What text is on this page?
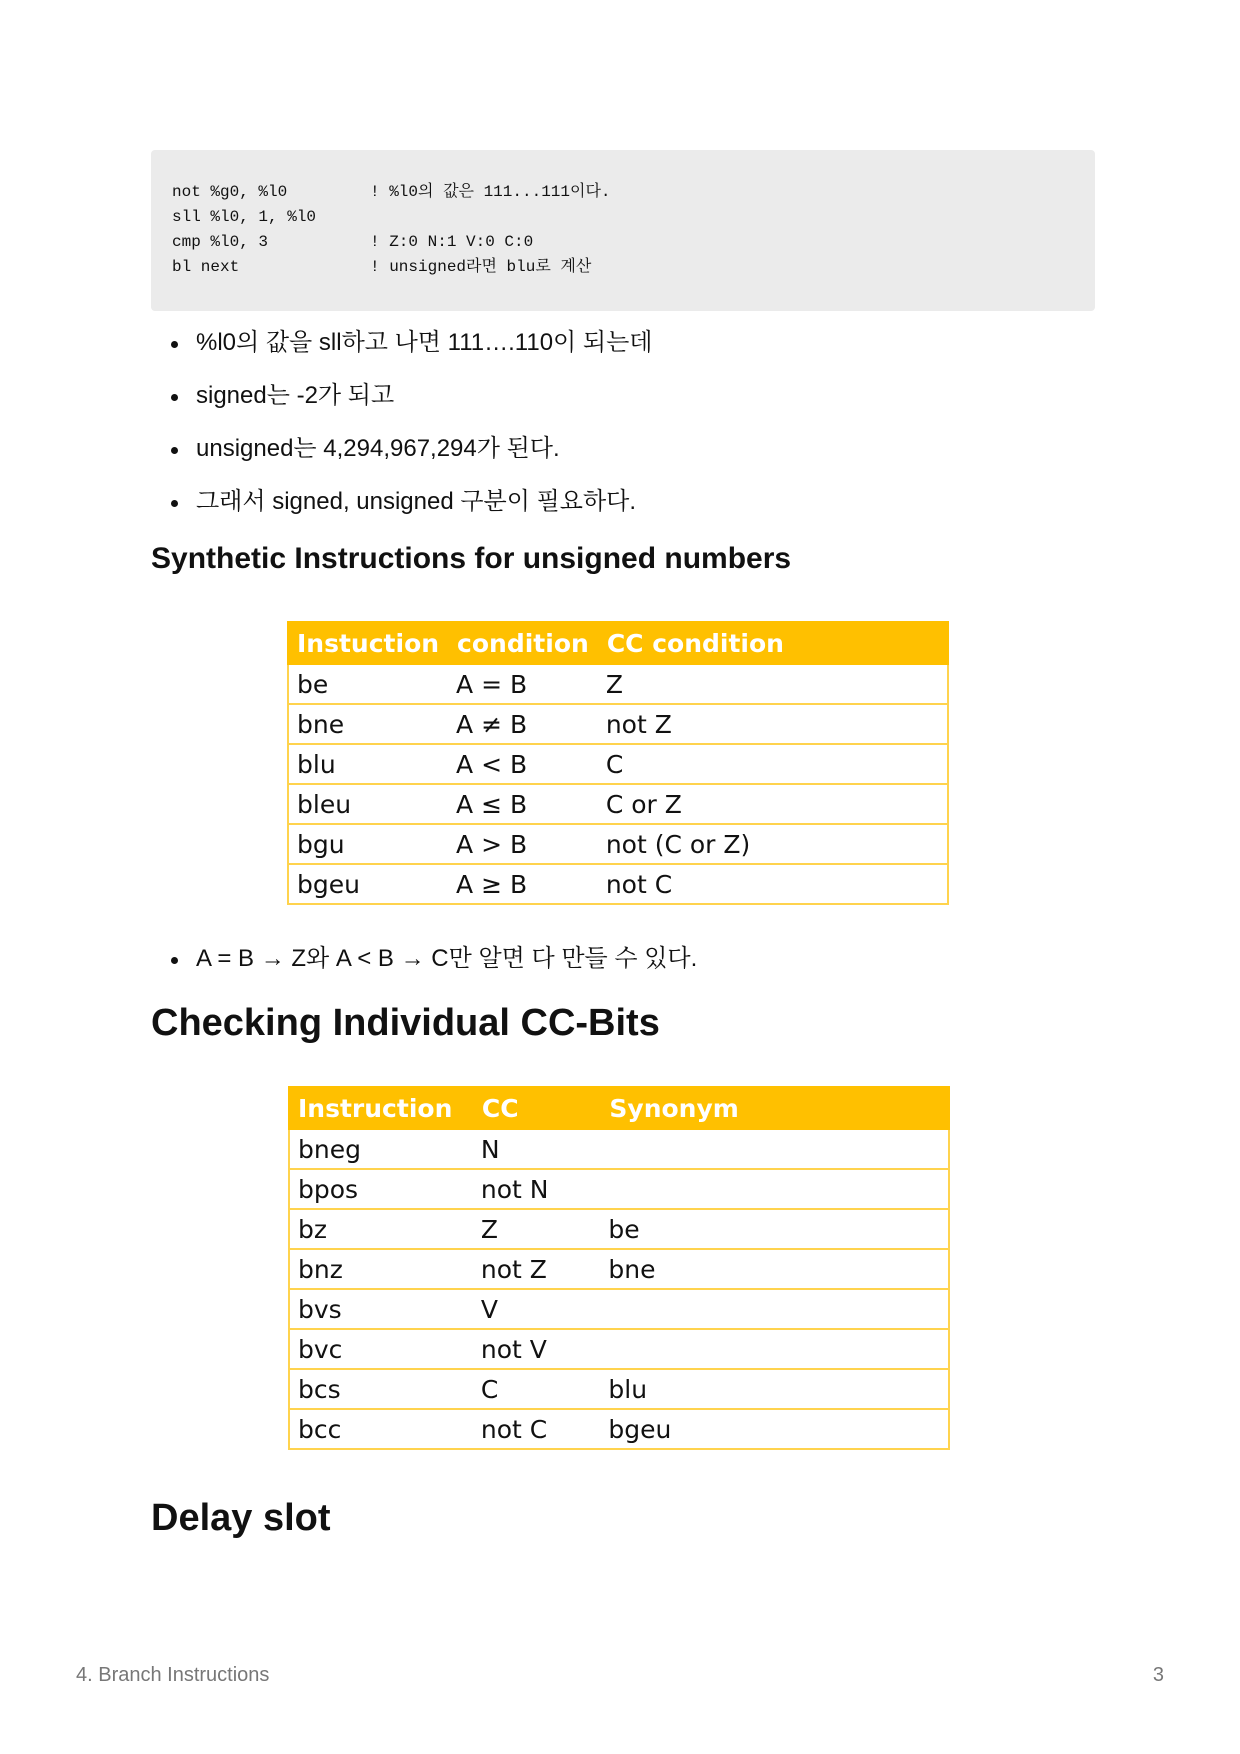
not %g0, %l0	! %l0의 값은 111...111이다.
sll %l0, 1, %l0
cmp %l0, 3	! Z:0 N:1 V:0 C:0
bl next	! unsigned라면 blu로 계산
%l0의 값을 sll하고 나면 111….110이 되는데
signed는 -2가 되고
unsigned는 4,294,967,294가 된다.
그래서 signed, unsigned 구분이 필요하다.
Synthetic Instructions for unsigned numbers
Instuction	condition	CC condition
be	A = B	Z
bne	A ≠ B	not Z
blu	A < B	C
bleu	A ≤ B	C or Z
bgu	A > B	not (C or Z)
bgeu	A ≥ B	not C
A = B → Z와 A < B → C만 알면 다 만들 수 있다.
Checking Individual CC-Bits
Instruction	CC	Synonym
bneg	N	
bpos	not N	
bz	Z	be
bnz	not Z	bne
bvs	V	
bvc	not V	
bcs	C	blu
bcc	not C	bgeu
Delay slot
4. Branch Instructions	3
